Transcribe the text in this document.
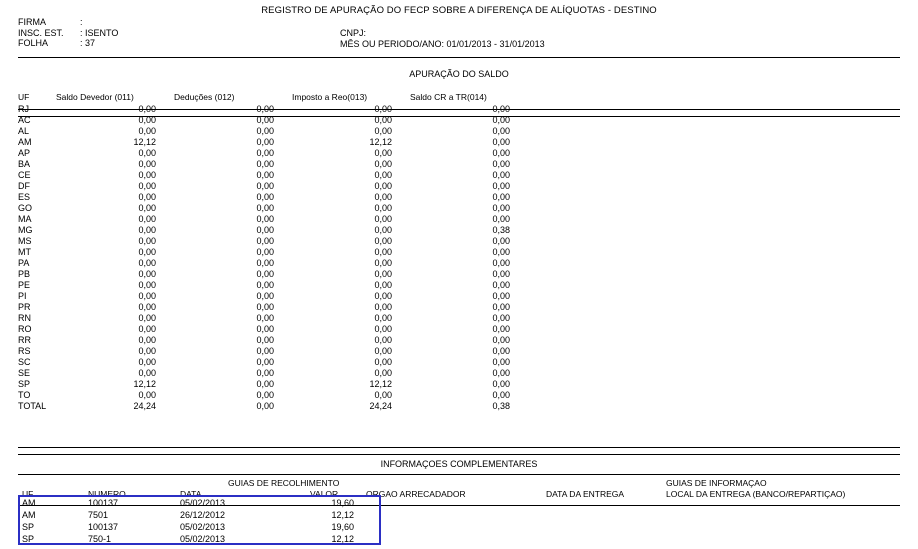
REGISTRO DE APURAÇÃO DO FECP SOBRE A DIFERENÇA DE ALÍQUOTAS - DESTINO
FIRMA	:
INSC. EST. : ISENTO
FOLHA	: 37
CNPJ:
MÊS OU PERIODO/ANO: 01/01/2013 - 31/01/2013
APURAÇÃO DO SALDO
UF	Saldo Devedor (011)	Deduções (012)	Imposto a Reo(013)	Saldo CR a TR(014)
RJ	0,00	0,00	0,00	0,00
AC	0,00	0,00	0,00	0,00
AL	0,00	0,00	0,00	0,00
AM	12,12	0,00	12,12	0,00
AP	0,00	0,00	0,00	0,00
BA	0,00	0,00	0,00	0,00
CE	0,00	0,00	0,00	0,00
DF	0,00	0,00	0,00	0,00
ES	0,00	0,00	0,00	0,00
GO	0,00	0,00	0,00	0,00
MA	0,00	0,00	0,00	0,00
MG	0,00	0,00	0,00	0,38
MS	0,00	0,00	0,00	0,00
MT	0,00	0,00	0,00	0,00
PA	0,00	0,00	0,00	0,00
PB	0,00	0,00	0,00	0,00
PE	0,00	0,00	0,00	0,00
PI	0,00	0,00	0,00	0,00
PR	0,00	0,00	0,00	0,00
RN	0,00	0,00	0,00	0,00
RO	0,00	0,00	0,00	0,00
RR	0,00	0,00	0,00	0,00
RS	0,00	0,00	0,00	0,00
SC	0,00	0,00	0,00	0,00
SE	0,00	0,00	0,00	0,00
SP	12,12	0,00	12,12	0,00
TO	0,00	0,00	0,00	0,00
TOTAL	24,24	0,00	24,24	0,38
INFORMAÇOES COMPLEMENTARES
GUIAS DE RECOLHIMENTO
UF	NUMERO	DATA	VALOR	ORGAO ARRECADADOR	DATA DA ENTREGA
GUIAS DE INFORMAÇAO
LOCAL DA ENTREGA (BANCO/REPARTIÇAO)
AM	100137	05/02/2013	19,60
AM	7501	26/12/2012	12,12
SP	100137	05/02/2013	19,60
SP	750-1	05/02/2013	12,12
